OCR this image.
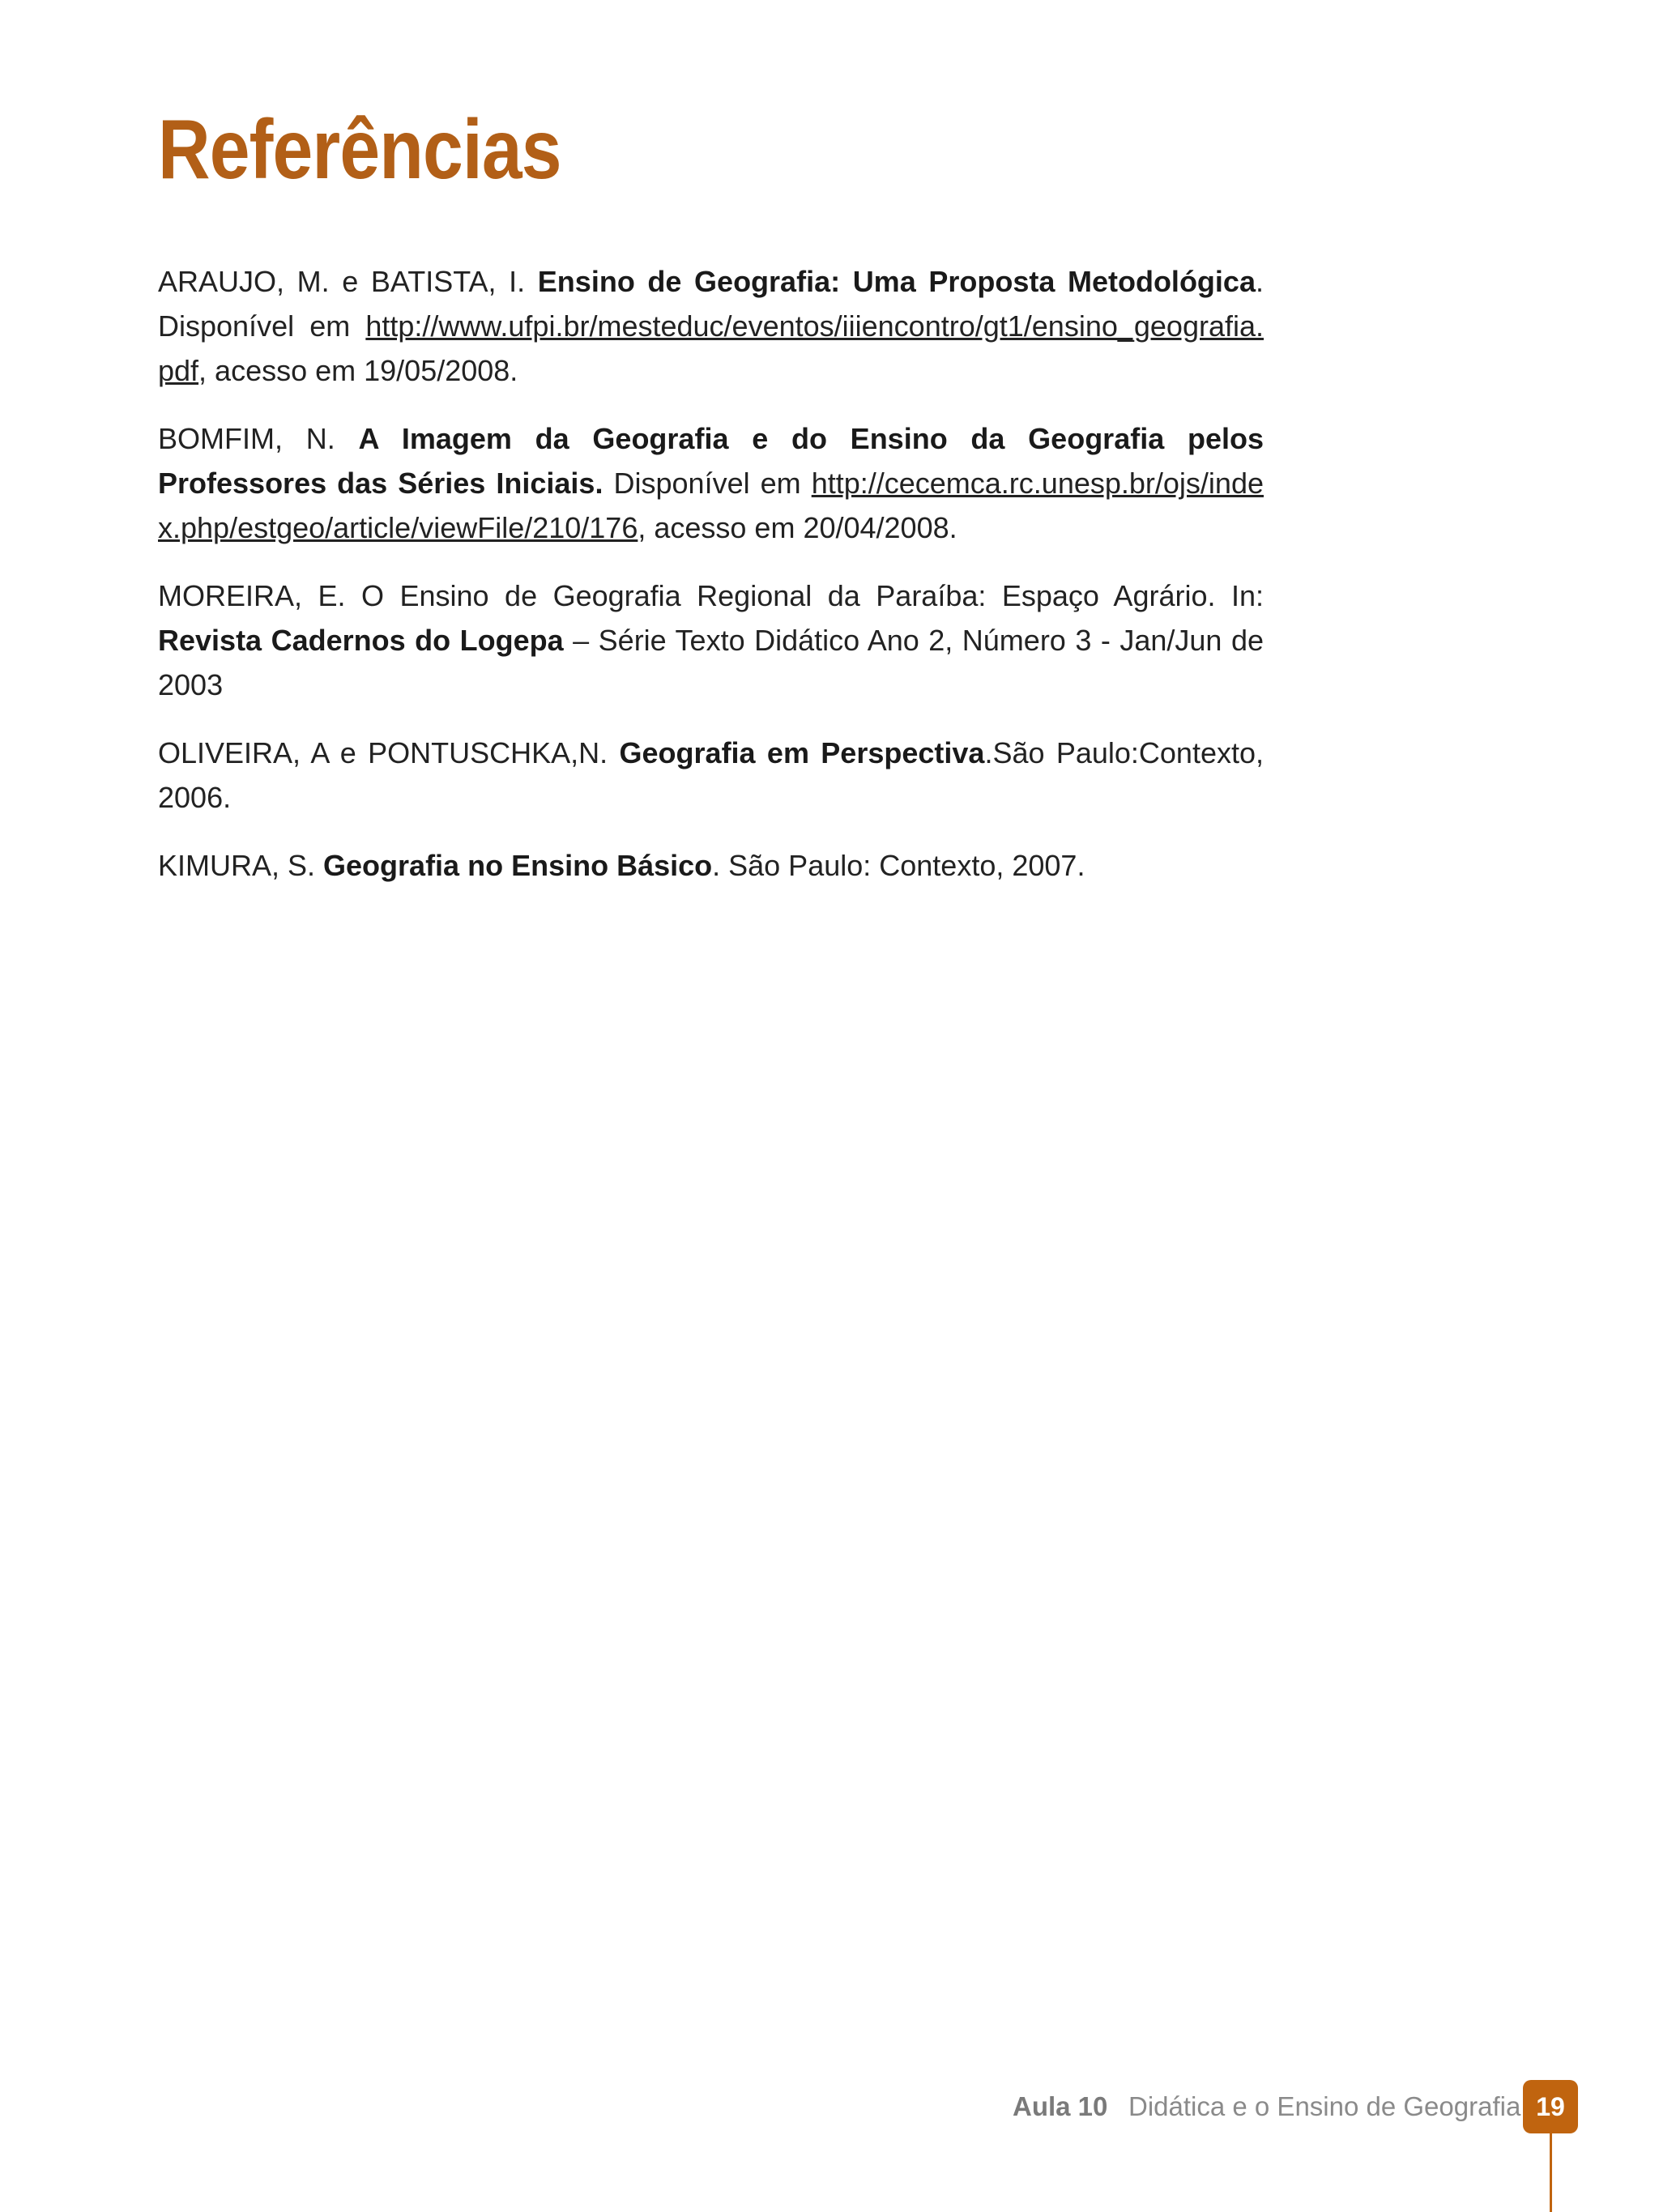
Referências

ARAUJO, M. e BATISTA, I. Ensino de Geografia: Uma Proposta Metodológica. Disponível em http://www.ufpi.br/mesteduc/eventos/iiiencontro/gt1/ensino_geografia.pdf, acesso em 19/05/2008.

BOMFIM, N. A Imagem da Geografia e do Ensino da Geografia pelos Professores das Séries Iniciais. Disponível em http://cecemca.rc.unesp.br/ojs/index.php/estgeo/article/viewFile/210/176, acesso em 20/04/2008.

MOREIRA, E. O Ensino de Geografia Regional da Paraíba: Espaço Agrário. In: Revista Cadernos do Logepa – Série Texto Didático Ano 2, Número 3 - Jan/Jun de 2003

OLIVEIRA, A e PONTUSCHKA,N. Geografia em Perspectiva.São Paulo:Contexto, 2006.

KIMURA, S. Geografia no Ensino Básico. São Paulo: Contexto, 2007.

Aula 10 Didática e o Ensino de Geografia 19
